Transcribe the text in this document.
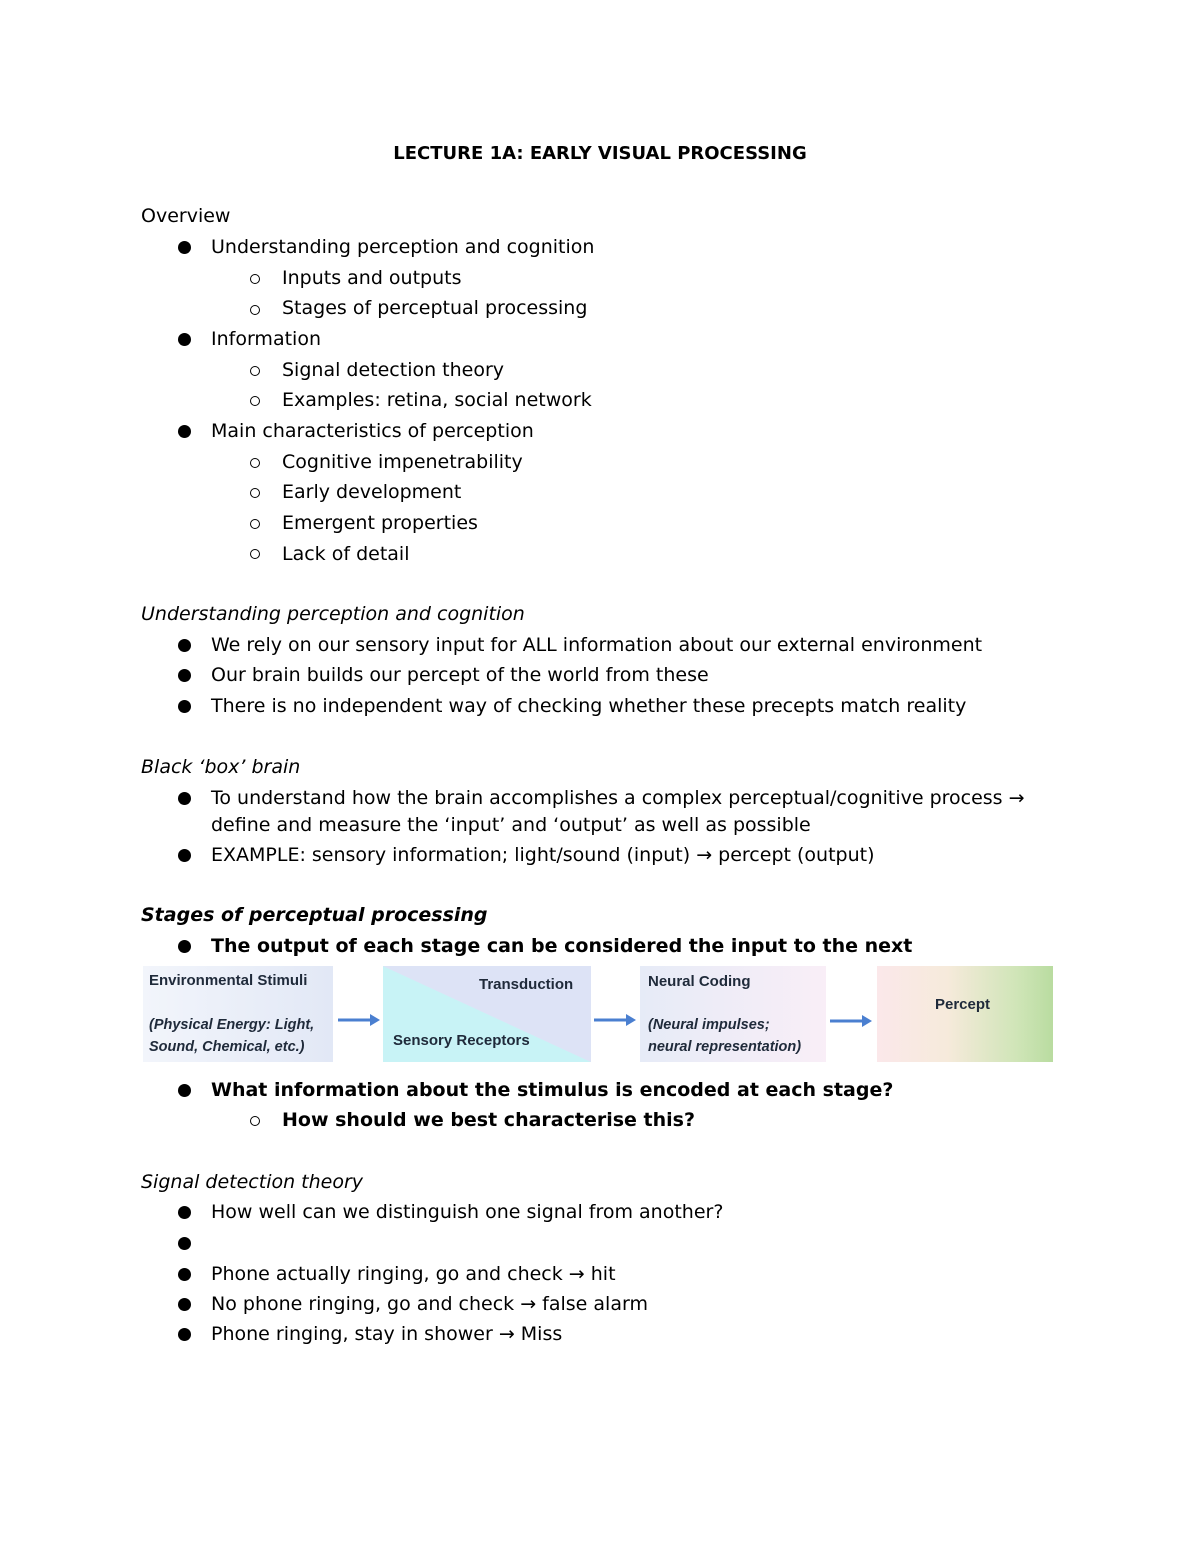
LECTURE 1A: EARLY VISUAL PROCESSING
Overview
Understanding perception and cognition
Inputs and outputs
Stages of perceptual processing
Information
Signal detection theory
Examples: retina, social network
Main characteristics of perception
Cognitive impenetrability
Early development
Emergent properties
Lack of detail
Understanding perception and cognition
We rely on our sensory input for ALL information about our external environment
Our brain builds our percept of the world from these
There is no independent way of checking whether these precepts match reality
Black ‘box’ brain
To understand how the brain accomplishes a complex perceptual/cognitive process →
define and measure the ‘input’ and ‘output’ as well as possible
EXAMPLE: sensory information; light/sound (input) → percept (output)
Stages of perceptual processing
The output of each stage can be considered the input to the next
Environmental Stimuli
(Physical Energy: Light,
Sound, Chemical, etc.)
Transduction
Sensory Receptors
Neural Coding
(Neural impulses;
neural representation)
Percept
What information about the stimulus is encoded at each stage?
How should we best characterise this?
Signal detection theory
How well can we distinguish one signal from another?
Phone actually ringing, go and check → hit
No phone ringing, go and check → false alarm
Phone ringing, stay in shower → Miss
